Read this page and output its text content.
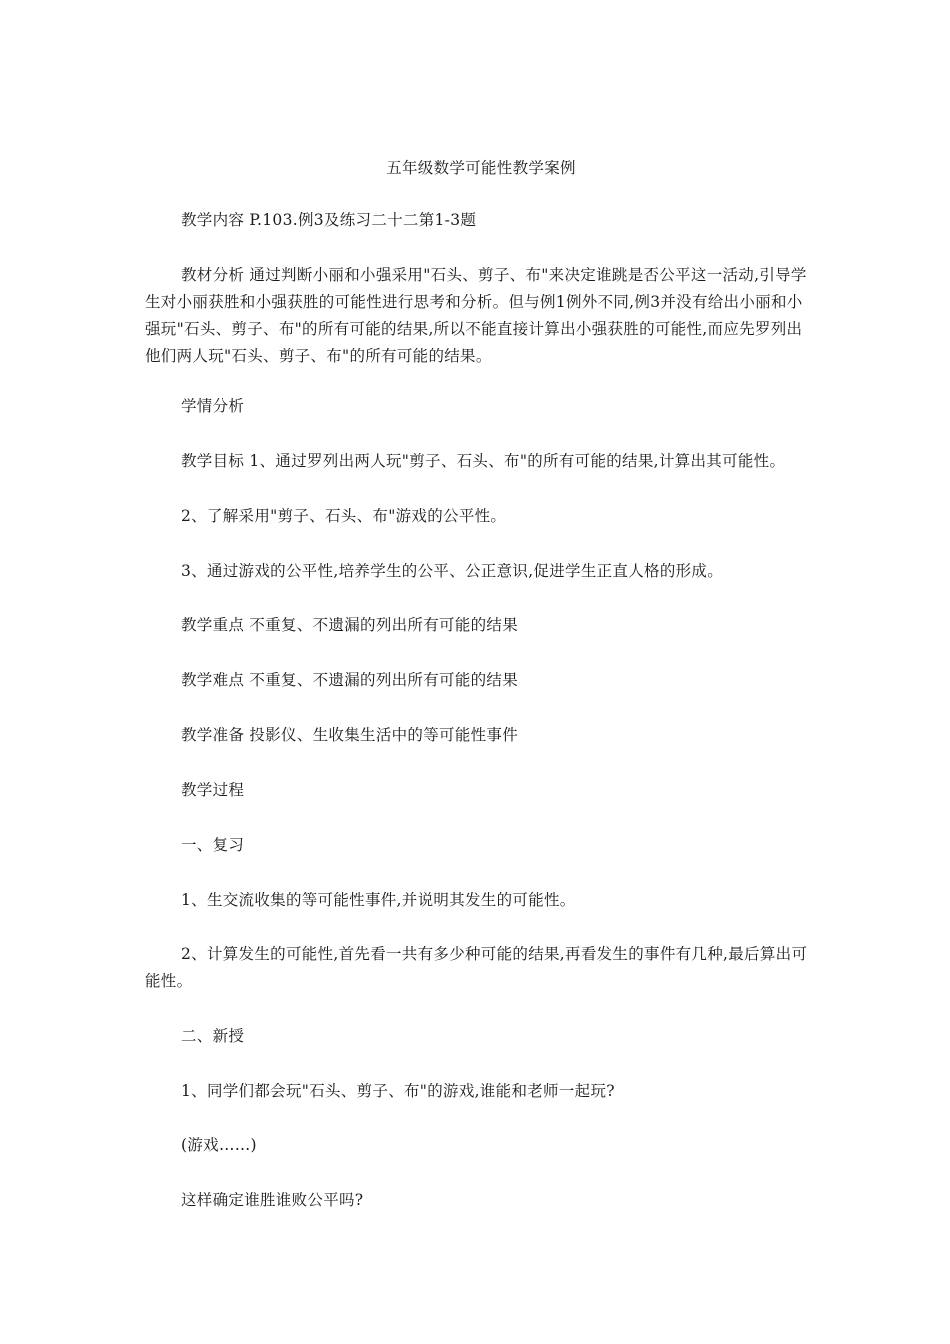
五年级数学可能性教学案例

教学内容 P.103.例3及练习二十二第1-3题

教材分析 通过判断小丽和小强采用"石头、剪子、布"来决定谁跳是否公平这一活动,引导学生对小丽获胜和小强获胜的可能性进行思考和分析。但与例1例外不同,例3并没有给出小丽和小强玩"石头、剪子、布"的所有可能的结果,所以不能直接计算出小强获胜的可能性,而应先罗列出他们两人玩"石头、剪子、布"的所有可能的结果。

学情分析

教学目标 1、通过罗列出两人玩"剪子、石头、布"的所有可能的结果,计算出其可能性。

2、了解采用"剪子、石头、布"游戏的公平性。

3、通过游戏的公平性,培养学生的公平、公正意识,促进学生正直人格的形成。

教学重点 不重复、不遗漏的列出所有可能的结果

教学难点 不重复、不遗漏的列出所有可能的结果

教学准备 投影仪、生收集生活中的等可能性事件

教学过程

一、复习

1、生交流收集的等可能性事件,并说明其发生的可能性。

2、计算发生的可能性,首先看一共有多少种可能的结果,再看发生的事件有几种,最后算出可能性。

二、新授

1、同学们都会玩"石头、剪子、布"的游戏,谁能和老师一起玩?

(游戏……)

这样确定谁胜谁败公平吗?
